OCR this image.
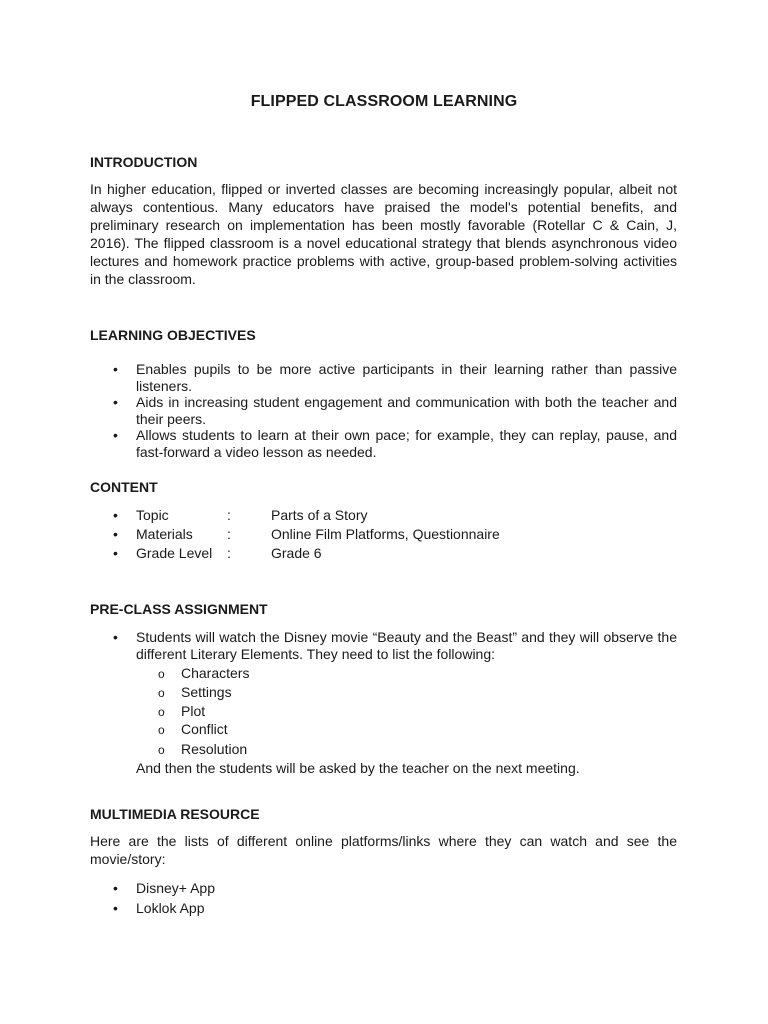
FLIPPED CLASSROOM LEARNING
INTRODUCTION

In higher education, flipped or inverted classes are becoming increasingly popular, albeit not always contentious. Many educators have praised the model's potential benefits, and preliminary research on implementation has been mostly favorable (Rotellar C & Cain, J, 2016). The flipped classroom is a novel educational strategy that blends asynchronous video lectures and homework practice problems with active, group-based problem-solving activities in the classroom.

LEARNING OBJECTIVES
• Enables pupils to be more active participants in their learning rather than passive listeners.
• Aids in increasing student engagement and communication with both the teacher and their peers.
• Allows students to learn at their own pace; for example, they can replay, pause, and fast-forward a video lesson as needed.
CONTENT
• Topic	:	Parts of a Story
• Materials :	Online Film Platforms, Questionnaire
• Grade Level :	Grade 6
PRE-CLASS ASSIGNMENT
• Students will watch the Disney movie “Beauty and the Beast” and they will observe the different Literary Elements. They need to list the following:
o Characters
o Settings
o Plot
o Conflict
o Resolution
And then the students will be asked by the teacher on the next meeting.
MULTIMEDIA RESOURCE

Here are the lists of different online platforms/links where they can watch and see the movie/story:

• Disney+ App
• Loklok App
